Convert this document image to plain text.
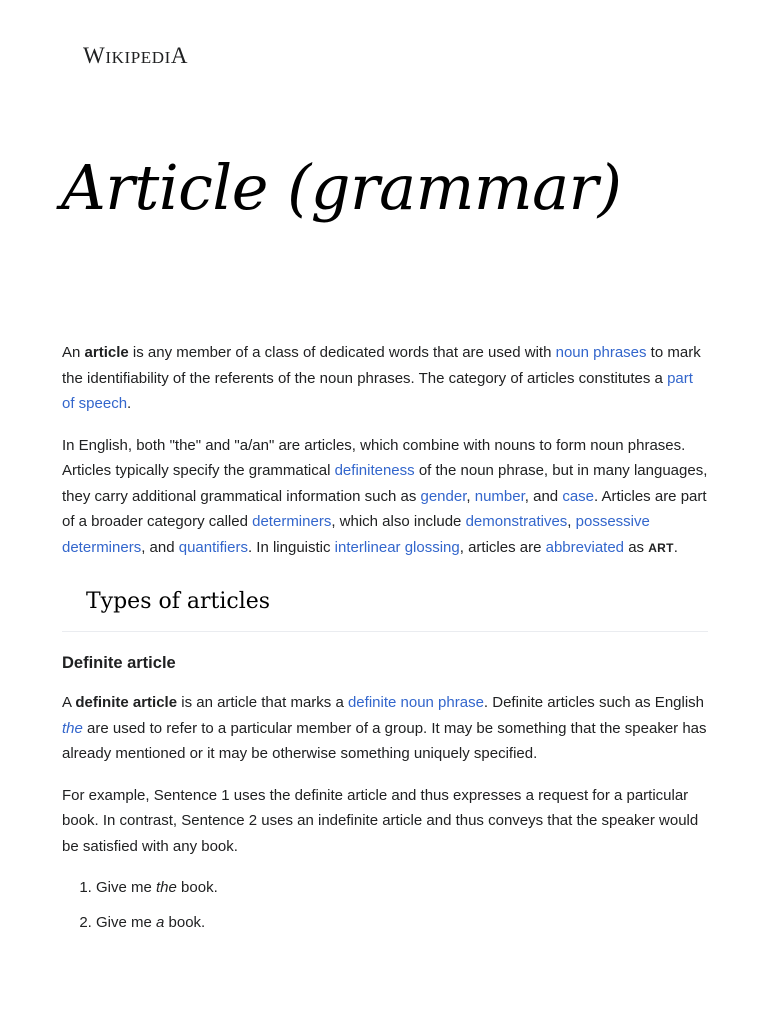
WIKIPEDIA
Article (grammar)

An article is any member of a class of dedicated words that are used with noun phrases to mark the identifiability of the referents of the noun phrases. The category of articles constitutes a part of speech.

In English, both "the" and "a/an" are articles, which combine with nouns to form noun phrases. Articles typically specify the grammatical definiteness of the noun phrase, but in many languages, they carry additional grammatical information such as gender, number, and case. Articles are part of a broader category called determiners, which also include demonstratives, possessive determiners, and quantifiers. In linguistic interlinear glossing, articles are abbreviated as ART.

Types of articles
Definite article

A definite article is an article that marks a definite noun phrase. Definite articles such as English the are used to refer to a particular member of a group. It may be something that the speaker has already mentioned or it may be otherwise something uniquely specified.

For example, Sentence 1 uses the definite article and thus expresses a request for a particular book. In contrast, Sentence 2 uses an indefinite article and thus conveys that the speaker would be satisfied with any book.

1. Give me the book.
2. Give me a book.
